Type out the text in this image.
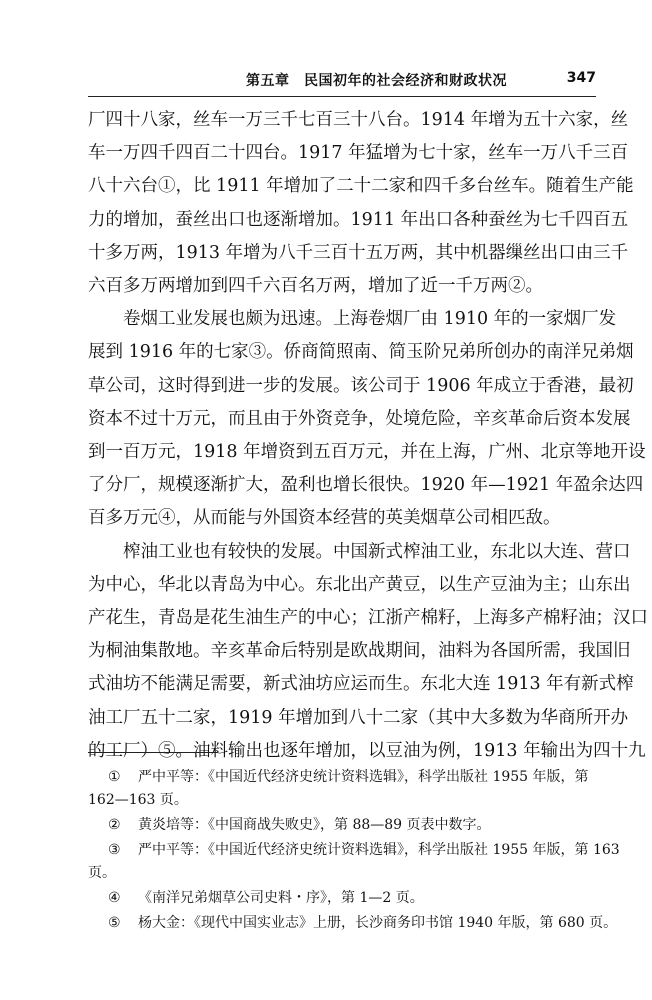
第五章　民国初年的社会经济和财政状况	347

厂四十八家，丝车一万三千七百三十八台。1914 年增为五十六家，丝

车一万四千四百二十四台。1917 年猛增为七十家，丝车一万八千三百

八十六台①，比 1911 年增加了二十二家和四千多台丝车。随着生产能

力的增加，蚕丝出口也逐渐增加。1911 年出口各种蚕丝为七千四百五

十多万两，1913 年增为八千三百十五万两，其中机器缫丝出口由三千

六百多万两增加到四千六百名万两，增加了近一千万两②。

卷烟工业发展也颇为迅速。上海卷烟厂由 1910 年的一家烟厂发

展到 1916 年的七家③。侨商简照南、简玉阶兄弟所创办的南洋兄弟烟

草公司，这时得到进一步的发展。该公司于 1906 年成立于香港，最初

资本不过十万元，而且由于外资竞争，处境危险，辛亥革命后资本发展

到一百万元，1918 年增资到五百万元，并在上海，广州、北京等地开设

了分厂，规模逐渐扩大，盈利也增长很快。1920 年—1921 年盈余达四

百多万元④，从而能与外国资本经营的英美烟草公司相匹敌。

榨油工业也有较快的发展。中国新式榨油工业，东北以大连、营口

为中心，华北以青岛为中心。东北出产黄豆，以生产豆油为主；山东出

产花生，青岛是花生油生产的中心；江浙产棉籽，上海多产棉籽油；汉口

为桐油集散地。辛亥革命后特别是欧战期间，油料为各国所需，我国旧

式油坊不能满足需要，新式油坊应运而生。东北大连 1913 年有新式榨

油工厂五十二家，1919 年增加到八十二家（其中大多数为华商所开办

的工厂）⑤。油料输出也逐年增加，以豆油为例，1913 年输出为四十九

① 严中平等：《中国近代经济史统计资料选辑》，科学出版社 1955 年版，第
162—163 页。
② 黄炎培等：《中国商战失败史》，第 88—89 页表中数字。
③ 严中平等：《中国近代经济史统计资料选辑》，科学出版社 1955 年版，第 163
页。
④ 《南洋兄弟烟草公司史料・序》，第 1—2 页。
⑤ 杨大金：《现代中国实业志》上册，长沙商务印书馆 1940 年版，第 680 页。
